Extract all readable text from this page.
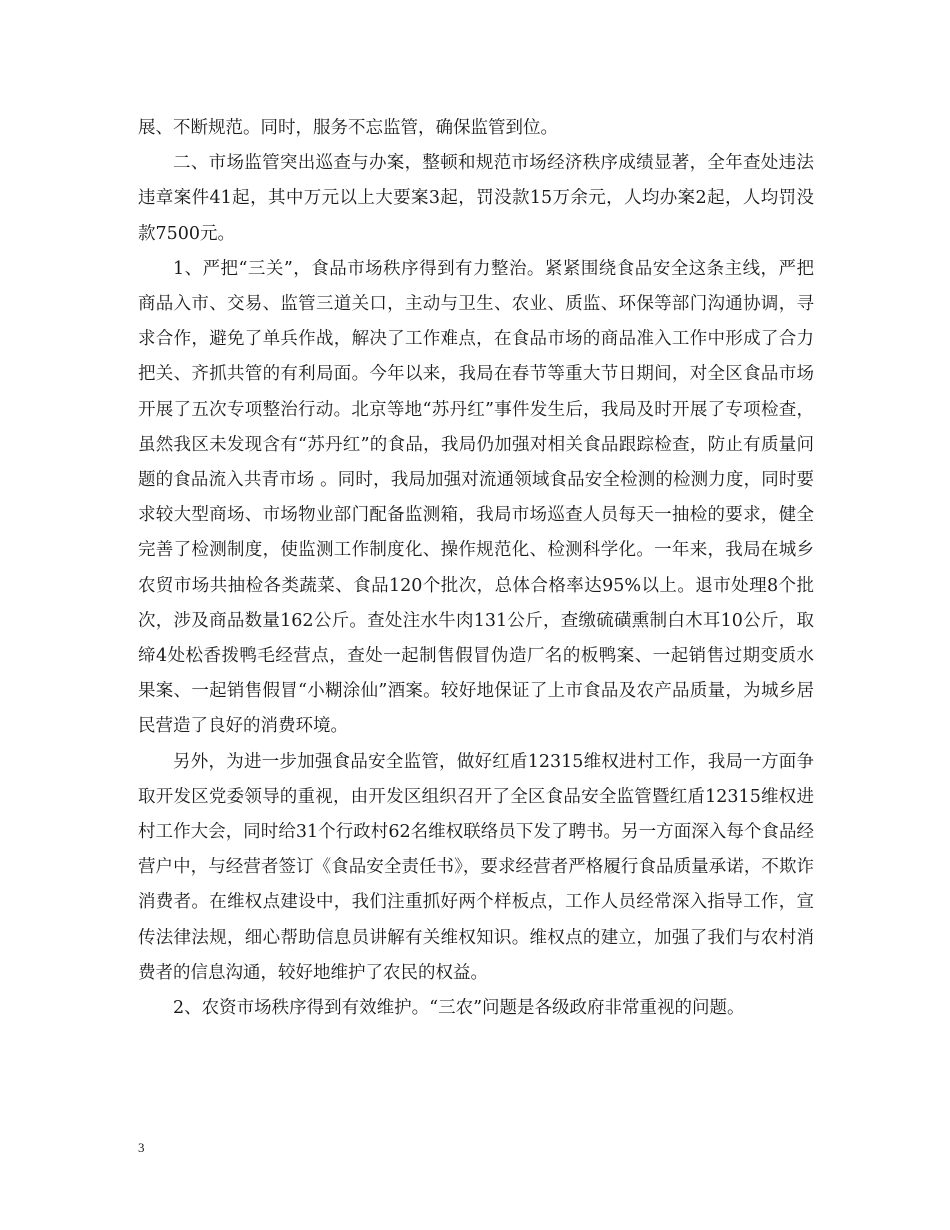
展、不断规范。同时，服务不忘监管，确保监管到位。

二、市场监管突出巡查与办案，整顿和规范市场经济秩序成绩显著，全年查处违法违章案件41起，其中万元以上大要案3起，罚没款15万余元，人均办案2起，人均罚没款7500元。

1、严把“三关”，食品市场秩序得到有力整治。紧紧围绕食品安全这条主线，严把商品入市、交易、监管三道关口，主动与卫生、农业、质监、环保等部门沟通协调，寻求合作，避免了单兵作战，解决了工作难点，在食品市场的商品准入工作中形成了合力把关、齐抓共管的有利局面。今年以来，我局在春节等重大节日期间，对全区食品市场开展了五次专项整治行动。北京等地“苏丹红”事件发生后，我局及时开展了专项检查，虽然我区未发现含有“苏丹红”的食品，我局仍加强对相关食品跟踪检查，防止有质量问题的食品流入共青市场 。同时，我局加强对流通领域食品安全检测的检测力度，同时要求较大型商场、市场物业部门配备监测箱，我局市场巡查人员每天一抽检的要求，健全完善了检测制度，使监测工作制度化、操作规范化、检测科学化。一年来，我局在城乡农贸市场共抽检各类蔬菜、食品120个批次，总体合格率达95%以上。退市处理8个批次，涉及商品数量162公斤。查处注水牛肉131公斤，查缴硫磺熏制白木耳10公斤，取缔4处松香拨鸭毛经营点，查处一起制售假冒伪造厂名的板鸭案、一起销售过期变质水果案、一起销售假冒“小糊涂仙”酒案。较好地保证了上市食品及农产品质量，为城乡居民营造了良好的消费环境。

另外，为进一步加强食品安全监管，做好红盾12315维权进村工作，我局一方面争取开发区党委领导的重视，由开发区组织召开了全区食品安全监管暨红盾12315维权进村工作大会，同时给31个行政村62名维权联络员下发了聘书。另一方面深入每个食品经营户中，与经营者签订《食品安全责任书》，要求经营者严格履行食品质量承诺，不欺诈消费者。在维权点建设中，我们注重抓好两个样板点，工作人员经常深入指导工作，宣传法律法规，细心帮助信息员讲解有关维权知识。维权点的建立，加强了我们与农村消费者的信息沟通，较好地维护了农民的权益。

2、农资市场秩序得到有效维护。“三农”问题是各级政府非常重视的问题。

3
